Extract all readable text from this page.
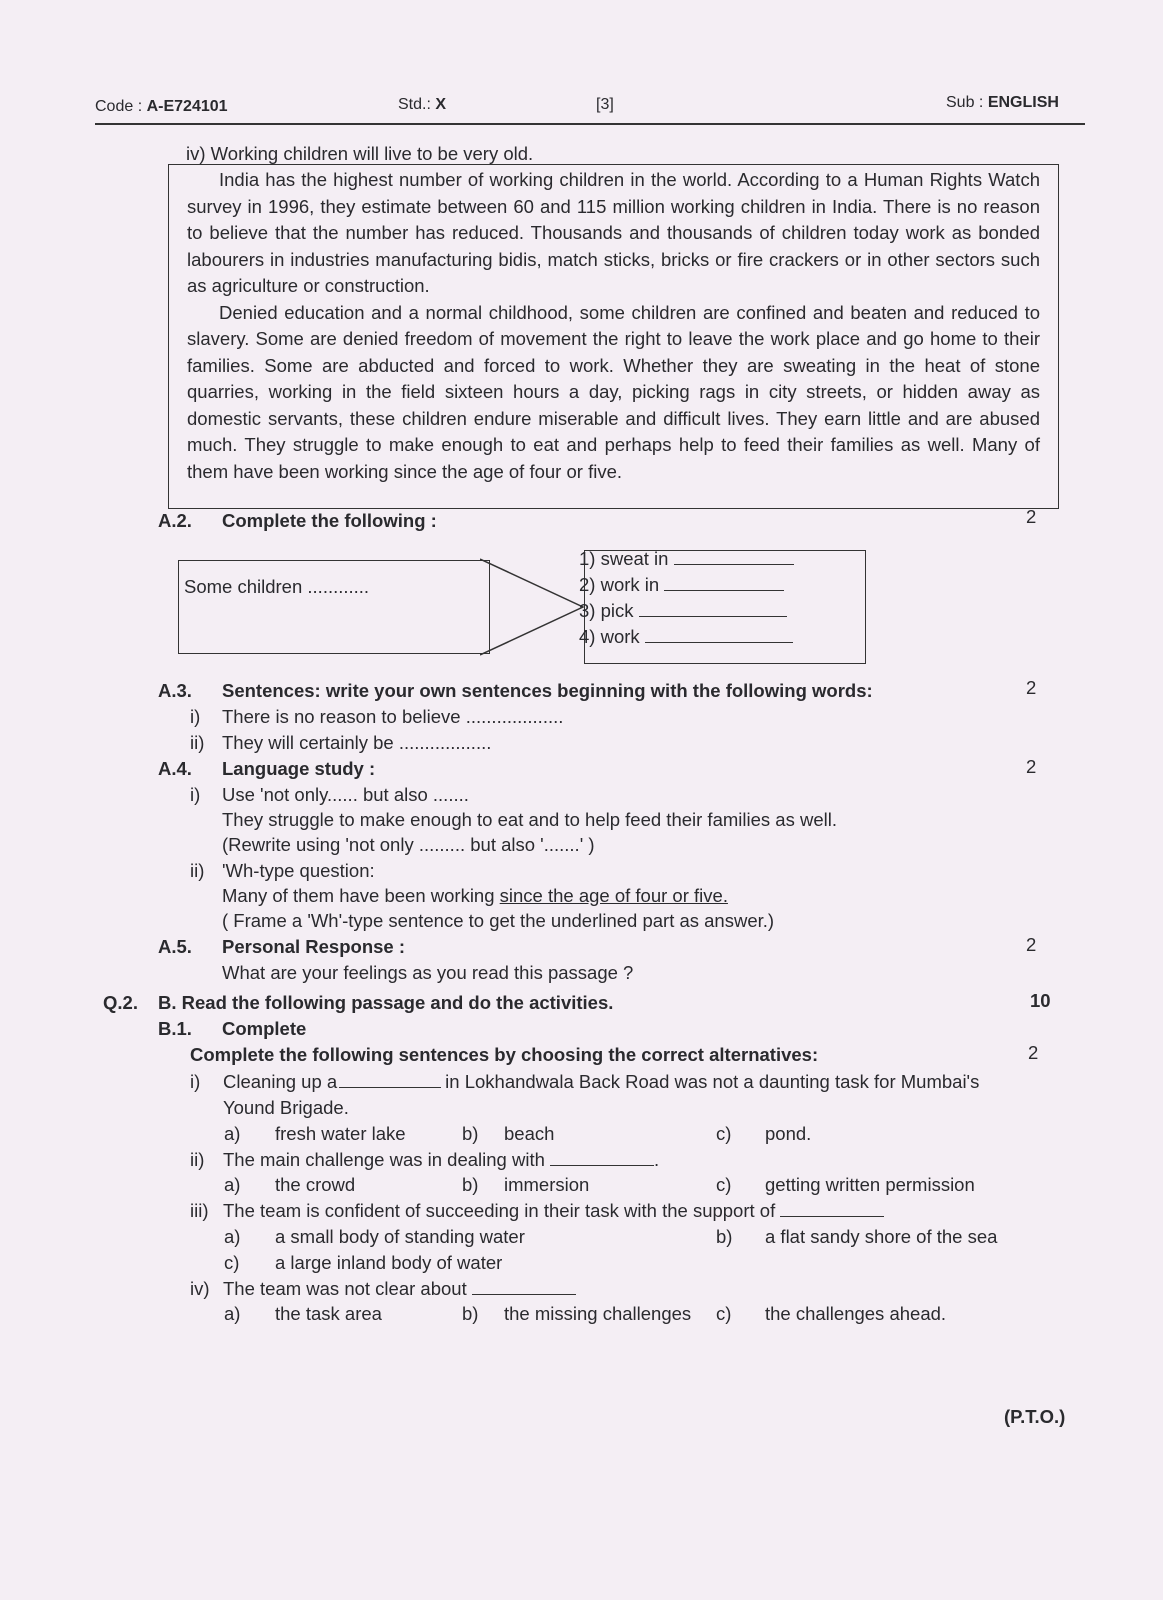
Code : A-E724101	Std.: X	[3]	Sub : ENGLISH
iv) Working children will live to be very old.

India has the highest number of working children in the world. According to a Human Rights Watch survey in 1996, they estimate between 60 and 115 million working children in India. There is no reason to believe that the number has reduced. Thousands and thousands of children today work as bonded labourers in industries manufacturing bidis, match sticks, bricks or fire crackers or in other sectors such as agriculture or construction.

Denied education and a normal childhood, some children are confined and beaten and reduced to slavery. Some are denied freedom of movement the right to leave the work place and go home to their families. Some are abducted and forced to work. Whether they are sweating in the heat of stone quarries, working in the field sixteen hours a day, picking rags in city streets, or hidden away as domestic servants, these children endure miserable and difficult lives. They earn little and are abused much. They struggle to make enough to eat and perhaps help to feed their families as well. Many of them have been working since the age of four or five.

A.2. Complete the following :	2
Some children ............
1) sweat in
2) work in
3) pick
4) work
A.3. Sentences: write your own sentences beginning with the following words:	2
i) There is no reason to believe ...................
ii) They will certainly be ..................
A.4. Language study :	2
i) Use 'not only...... but also .......
They struggle to make enough to eat and to help feed their families as well.
(Rewrite using 'not only ......... but also '.......' )
ii) 'Wh-type question:
Many of them have been working since the age of four or five.
( Frame a 'Wh'-type sentence to get the underlined part as answer.)
A.5. Personal Response :	2
What are your feelings as you read this passage ?
Q.2. B. Read the following passage and do the activities.	10
B.1. Complete
Complete the following sentences by choosing the correct alternatives:	2
i) Cleaning up a	in Lokhandwala Back Road was not a daunting task for Mumbai's
Yound Brigade.
a) fresh water lake	b) beach	c) pond.
ii) The main challenge was in dealing with	.
a) the crowd	b) immersion	c) getting written permission
iii) The team is confident of succeeding in their task with the support of
a) a small body of standing water	b) a flat sandy shore of the sea
c) a large inland body of water
iv) The team was not clear about
a) the task area	b) the missing challenges c) the challenges ahead.
(P.T.O.)
